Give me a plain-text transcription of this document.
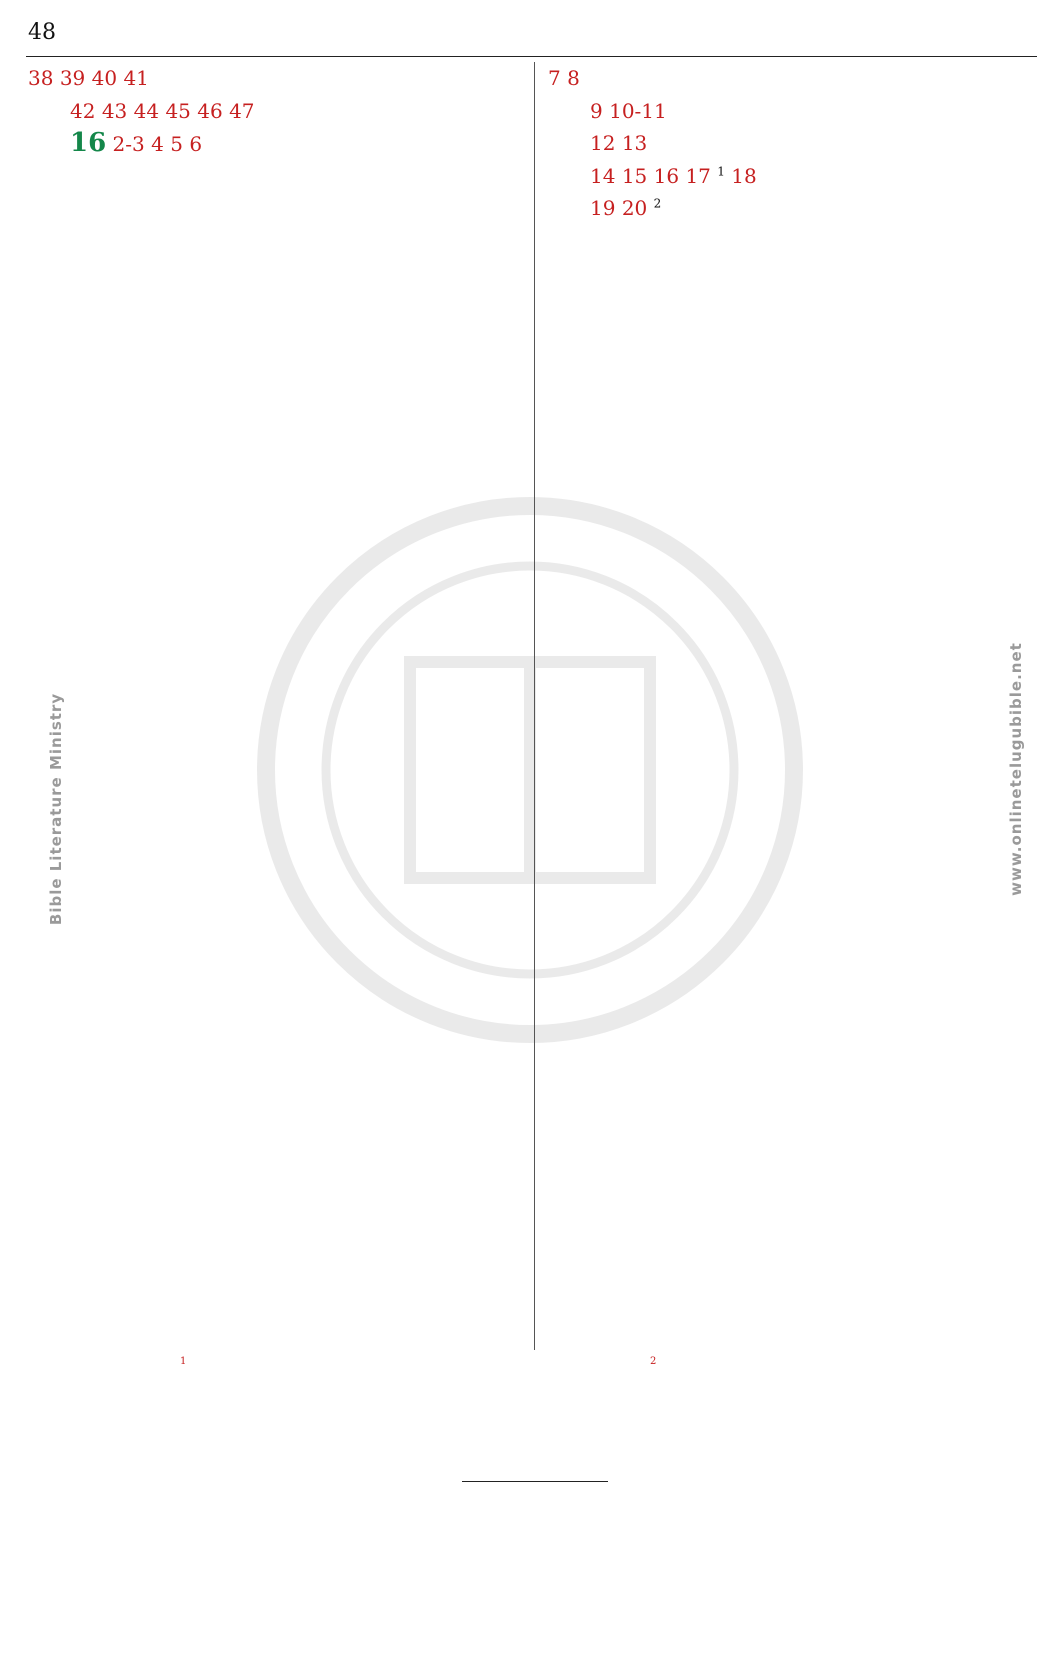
48
38 39 40 41
42 43 44 45 46 47
16 2-3 4 5 6
7 8
9 10-11
12 13
14 15 16 17 $^1$ 18
19 20 $^2$
$^1$	$^2$
Bible Literature Ministry	www.onlinetelugubible.net
